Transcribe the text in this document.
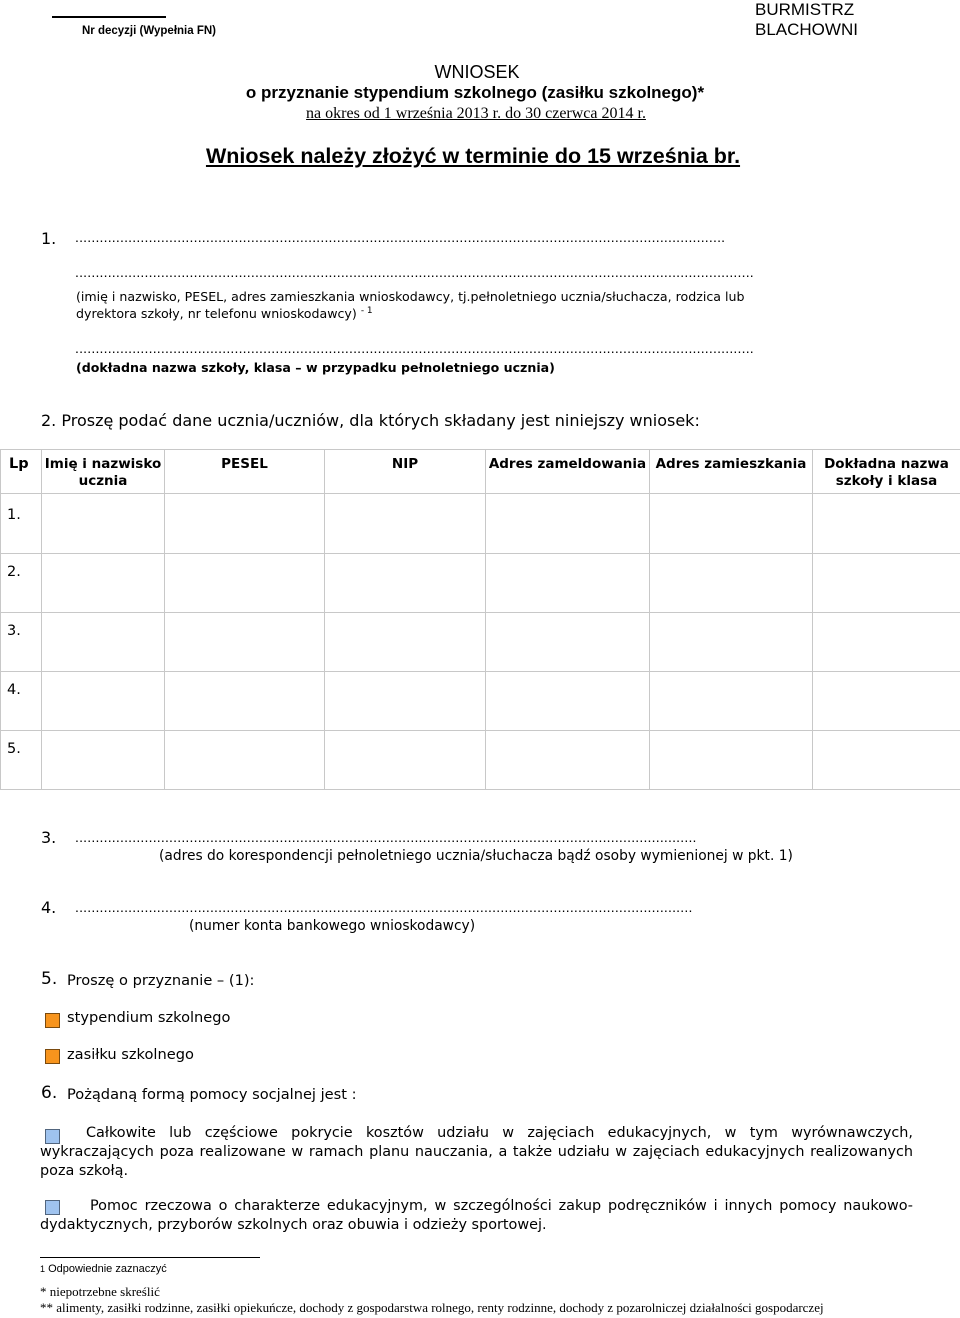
Nr decyzji (Wypełnia FN)
BURMISTRZ
BLACHOWNI
WNIOSEK
o przyznanie stypendium szkolnego (zasiłku szkolnego)*
na okres od 1 września 2013 r. do 30 czerwca 2014 r.
Wniosek należy złożyć w terminie do 15 września br.
1. ...............................................................................................................................................................
......................................................................................................................................................................
(imię i nazwisko, PESEL, adres zamieszkania wnioskodawcy, tj.pełnoletniego ucznia/słuchacza, rodzica lub
dyrektora szkoły, nr telefonu wnioskodawcy) $^{- 1}$
......................................................................................................................................................................
(dokładna nazwa szkoły, klasa – w przypadku pełnoletniego ucznia)
2. Proszę podać dane ucznia/uczniów, dla których składany jest niniejszy wniosek:
Lp	Imię i nazwisko ucznia	PESEL	NIP	Adres zameldowania	Adres zamieszkania	Dokładna nazwa szkoły i klasa
1.						
2.						
3.						
4.						
5.						
3. ........................................................................................................................................................
(adres do korespondencji pełnoletniego ucznia/słuchacza bądź osoby wymienionej w pkt. 1)
4. .......................................................................................................................................................
(numer konta bankowego wnioskodawcy)
5. Proszę o przyznanie – (1):
stypendium szkolnego
zasiłku szkolnego
6. Pożądaną formą pomocy socjalnej jest :
Całkowite lub częściowe pokrycie kosztów udziału w zajęciach edukacyjnych, w tym wyrównawczych, wykraczających poza realizowane w ramach planu nauczania, a także udziału w zajęciach edukacyjnych realizowanych poza szkołą.
Pomoc rzeczowa o charakterze edukacyjnym, w szczególności zakup podręczników i innych pomocy naukowo-dydaktycznych, przyborów szkolnych oraz obuwia i odzieży sportowej.
1 Odpowiednie zaznaczyć
* niepotrzebne skreślić
** alimenty, zasiłki rodzinne, zasiłki opiekuńcze, dochody z gospodarstwa rolnego, renty rodzinne, dochody z pozarolniczej działalności gospodarczej
